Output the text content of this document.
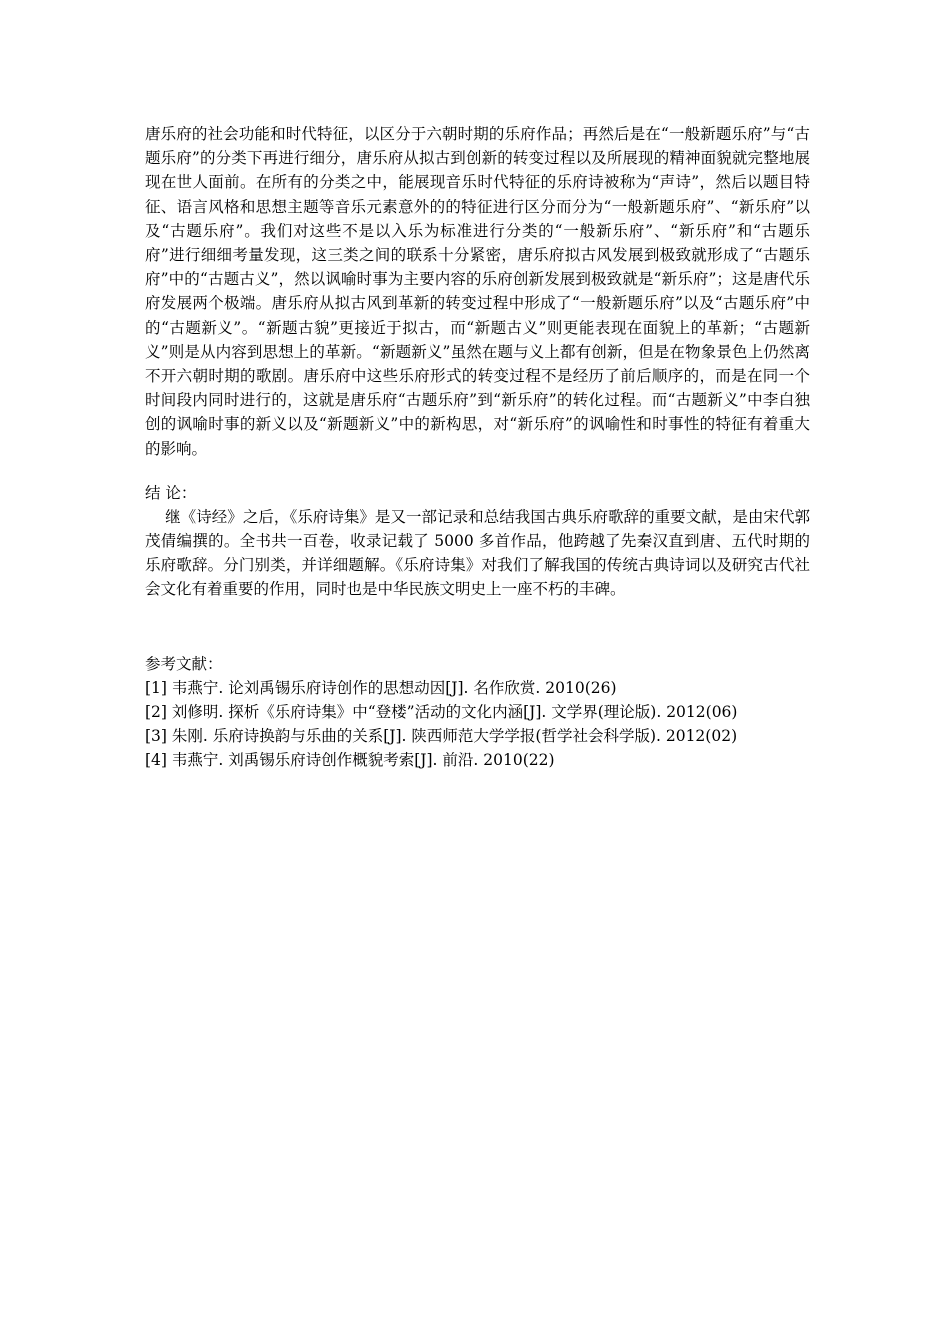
唐乐府的社会功能和时代特征，以区分于六朝时期的乐府作品；再然后是在“一般新题乐府”与“古题乐府”的分类下再进行细分，唐乐府从拟古到创新的转变过程以及所展现的精神面貌就完整地展现在世人面前。在所有的分类之中，能展现音乐时代特征的乐府诗被称为“声诗”，然后以题目特征、语言风格和思想主题等音乐元素意外的的特征进行区分而分为“一般新题乐府”、“新乐府”以及“古题乐府”。我们对这些不是以入乐为标准进行分类的“一般新乐府”、“新乐府”和“古题乐府”进行细细考量发现，这三类之间的联系十分紧密，唐乐府拟古风发展到极致就形成了“古题乐府”中的“古题古义”，然以讽喻时事为主要内容的乐府创新发展到极致就是“新乐府”；这是唐代乐府发展两个极端。唐乐府从拟古风到革新的转变过程中形成了“一般新题乐府”以及“古题乐府”中的“古题新义”。“新题古貌”更接近于拟古，而“新题古义”则更能表现在面貌上的革新；“古题新义”则是从内容到思想上的革新。“新题新义”虽然在题与义上都有创新，但是在物象景色上仍然离不开六朝时期的歌剧。唐乐府中这些乐府形式的转变过程不是经历了前后顺序的，而是在同一个时间段内同时进行的，这就是唐乐府“古题乐府”到“新乐府”的转化过程。而“古题新义”中李白独创的讽喻时事的新义以及“新题新义”中的新构思，对“新乐府”的讽喻性和时事性的特征有着重大的影响。

结 论：

继《诗经》之后，《乐府诗集》是又一部记录和总结我国古典乐府歌辞的重要文献，是由宋代郭茂倩编撰的。全书共一百卷，收录记载了 5000 多首作品，他跨越了先秦汉直到唐、五代时期的乐府歌辞。分门别类，并详细题解。《乐府诗集》对我们了解我国的传统古典诗词以及研究古代社会文化有着重要的作用，同时也是中华民族文明史上一座不朽的丰碑。

参考文献：

[1] 韦燕宁. 论刘禹锡乐府诗创作的思想动因[J]. 名作欣赏. 2010(26)
[2] 刘修明. 探析《乐府诗集》中“登楼”活动的文化内涵[J]. 文学界(理论版). 2012(06)
[3] 朱刚. 乐府诗换韵与乐曲的关系[J]. 陕西师范大学学报(哲学社会科学版). 2012(02)
[4] 韦燕宁. 刘禹锡乐府诗创作概貌考索[J]. 前沿. 2010(22)
